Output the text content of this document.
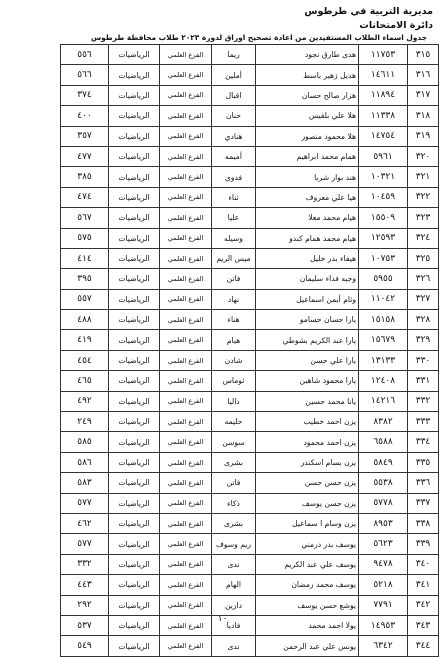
مديرية التربية في طرطوس
دائرة الامتحانات
جدول اسماء الطلاب المستفيدين من اعادة تصحيح اوراق لدورة ٢٠٢٣ طلاب محافظة طرطوس
٣١٥	١١٧٥٣	هدى طارق نجود	ريما	الفرع العلمي	الرياضيات	٥٥٦
٣١٦	١٤٦١١	هديل زهير باسط	أملين	الفرع العلمي	الرياضيات	٥٦٦
٣١٧	١١٨٩٤	هزار صالح حسان	اقبال	الفرع العلمي	الرياضيات	٣٧٤
٣١٨	١١٣٣٨	هلا علي بلقيس	حنان	الفرع العلمي	الرياضيات	٤٠٠
٣١٩	١٤٧٥٤	هلا محمود منصور	هنادي	الفرع العلمي	الرياضيات	٣٥٧
٣٢٠	٥٩٦١	همام محمد ابراهيم	أميمه	الفرع العلمي	الرياضيات	٤٧٧
٣٢١	١٠٣٢١	هند بوار شربا	فدوى	الفرع العلمي	الرياضيات	٣٨٥
٣٢٢	١٠٤٥٩	هيا علي معروف	ثناء	الفرع العلمي	الرياضيات	٤٧٤
٣٢٣	١٥٥٠٩	هيام محمد معلا	عليا	الفرع العلمي	الرياضيات	٥٦٧
٣٢٤	١٢٥٩٣	هيام محمد همام كندو	وسيله	الفرع العلمي	الرياضيات	٥٧٥
٣٢٥	١٠٧٥٣	هيفاء بدر خليل	ميس الريم	الفرع العلمي	الرياضيات	٤١٤
٣٢٦	٥٩٥٥	وجيه فداء سليمان	فاتن	الفرع العلمي	الرياضيات	٣٩٥
٣٢٧	١١٠٤٢	وئام أيمن اسماعيل	نهاد	الفرع العلمي	الرياضيات	٥٥٧
٣٢٨	١٥١٥٨	يارا حسان حسامو	هناء	الفرع العلمي	الرياضيات	٤٨٨
٣٢٩	١٥٦٧٩	يارا عبد الكريم بشوطي	هيام	الفرع العلمي	الرياضيات	٤١٩
٣٣٠	١٣١٣٣	يارا علي حسن	شادن	الفرع العلمي	الرياضيات	٤٥٤
٣٣١	١٢٤٠٨	يارا محمود شاهين	ثوماس	الفرع العلمي	الرياضيات	٤٦٥
٣٣٢	١٤٢١٦	يانا محمد حسين	داليا	الفرع العلمي	الرياضيات	٤٩٢
٣٣٣	٨٣٨٢	يزن احمد خطيب	حليمه	الفرع العلمي	الرياضيات	٢٤٩
٣٣٤	٦٥٨٨	يزن احمد محمود	سوسن	الفرع العلمي	الرياضيات	٥٨٥
٣٣٥	٥٨٤٩	يزن بسام اسكندر	بشرى	الفرع العلمي	الرياضيات	٥٨٦
٣٣٦	٥٥٣٨	يزن حسن حسن	فاتن	الفرع العلمي	الرياضيات	٥٨٣
٣٣٧	٥٧٧٨	يزن حسن يوسف	ذكاء	الفرع العلمي	الرياضيات	٥٧٧
٣٣٨	٨٩٥٣	يزن وسام ا سماعيل	بشرى	الفرع العلمي	الرياضيات	٤٦٢
٣٣٩	٥٦٢٣	يوسف بدر درمني	ريم وسوف	الفرع العلمي	الرياضيات	٥٧٧
٣٤٠	٩٤٧٨	يوسف علي عبد الكريم	ندى	الفرع العلمي	الرياضيات	٣٣٢
٣٤١	٥٢١٨	يوسف محمد رمضان	الهام	الفرع العلمي	الرياضيات	٤٤٣
٣٤٢	٧٧٩١	يوشع حسن يوسف	دارين	الفرع العلمي	الرياضيات	٢٩٢
٣٤٣	١٤٩٥٣	يولا احمد محمد	فاديا	الفرع العلمي	الرياضيات	٥٣٧
٣٤٤	٦٣٤٢	يونس علي عبد الرحمن	ندى	الفرع العلمي	الرياضيات	٥٤٩
١٠
